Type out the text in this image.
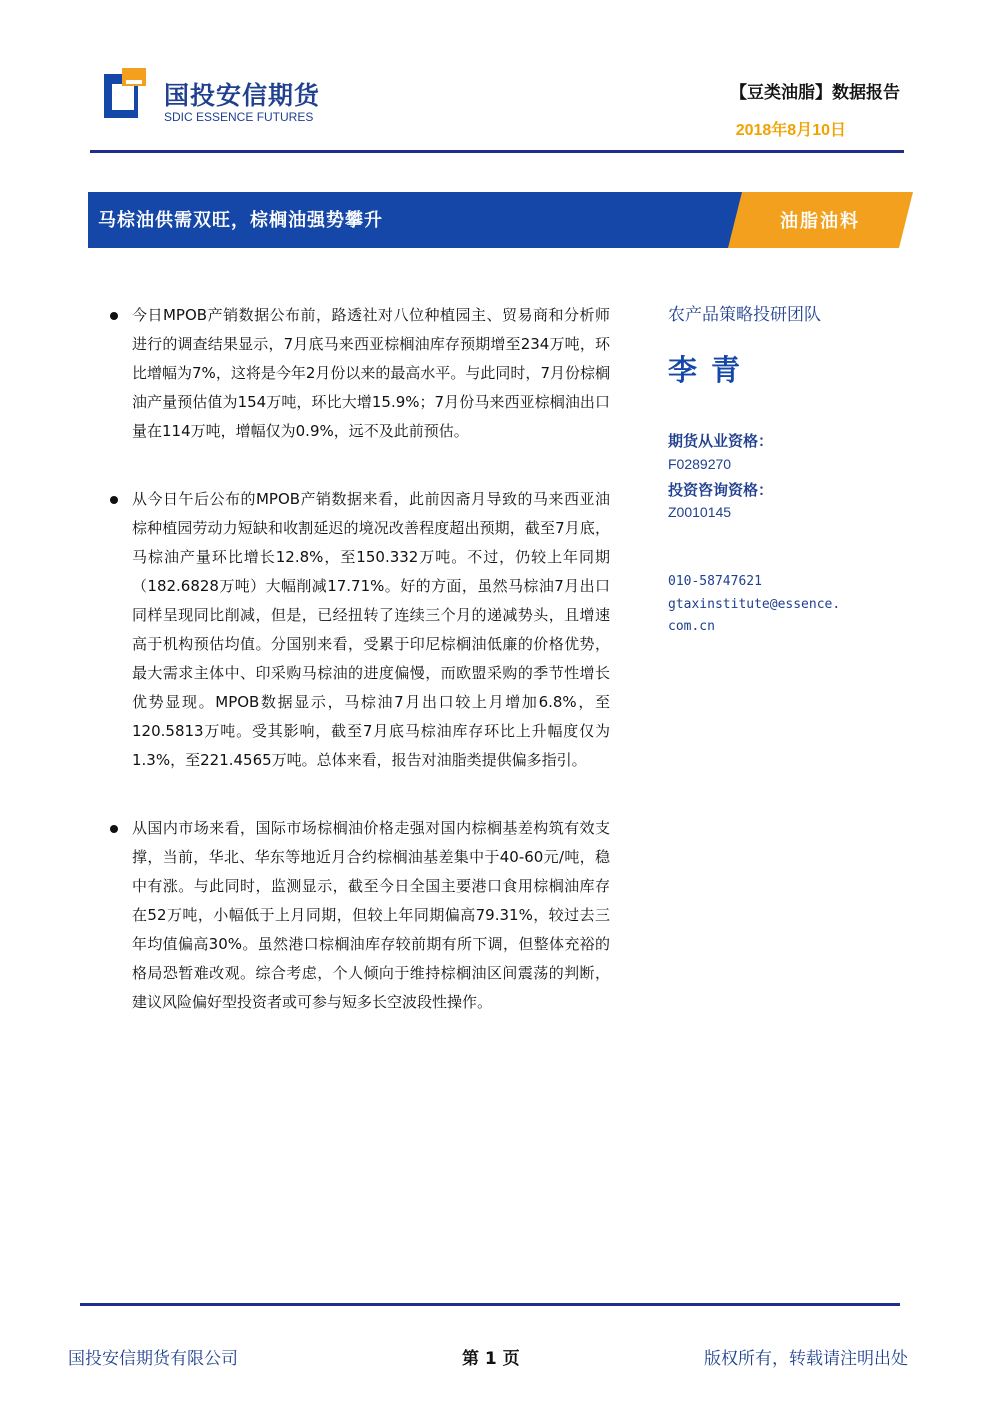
国投安信期货
SDIC ESSENCE FUTURES
【豆类油脂】数据报告
2018年8月10日
马棕油供需双旺，棕榈油强势攀升	油脂油料

今日MPOB产销数据公布前，路透社对八位种植园主、贸易商和分析师进行的调查结果显示，7月底马来西亚棕榈油库存预期增至234万吨，环比增幅为7%，这将是今年2月份以来的最高水平。与此同时，7月份棕榈油产量预估值为154万吨，环比大增15.9%；7月份马来西亚棕榈油出口量在114万吨，增幅仅为0.9%，远不及此前预估。

从今日午后公布的MPOB产销数据来看，此前因斋月导致的马来西亚油棕种植园劳动力短缺和收割延迟的境况改善程度超出预期，截至7月底，马棕油产量环比增长12.8%，至150.332万吨。不过，仍较上年同期（182.6828万吨）大幅削减17.71%。好的方面，虽然马棕油7月出口同样呈现同比削减，但是，已经扭转了连续三个月的递减势头，且增速高于机构预估均值。分国别来看，受累于印尼棕榈油低廉的价格优势，最大需求主体中、印采购马棕油的进度偏慢，而欧盟采购的季节性增长优势显现。MPOB数据显示，马棕油7月出口较上月增加6.8%，至120.5813万吨。受其影响，截至7月底马棕油库存环比上升幅度仅为1.3%，至221.4565万吨。总体来看，报告对油脂类提供偏多指引。

从国内市场来看，国际市场棕榈油价格走强对国内棕榈基差构筑有效支撑，当前，华北、华东等地近月合约棕榈油基差集中于40-60元/吨，稳中有涨。与此同时，监测显示，截至今日全国主要港口食用棕榈油库存在52万吨，小幅低于上月同期，但较上年同期偏高79.31%，较过去三年均值偏高30%。虽然港口棕榈油库存较前期有所下调，但整体充裕的格局恐暂难改观。综合考虑，个人倾向于维持棕榈油区间震荡的判断，建议风险偏好型投资者或可参与短多长空波段性操作。

农产品策略投研团队
李青
期货从业资格：
F0289270
投资咨询资格：
Z0010145
010-58747621
gtaxinstitute@essence.
com.cn
国投安信期货有限公司	第 1 页	版权所有，转载请注明出处
